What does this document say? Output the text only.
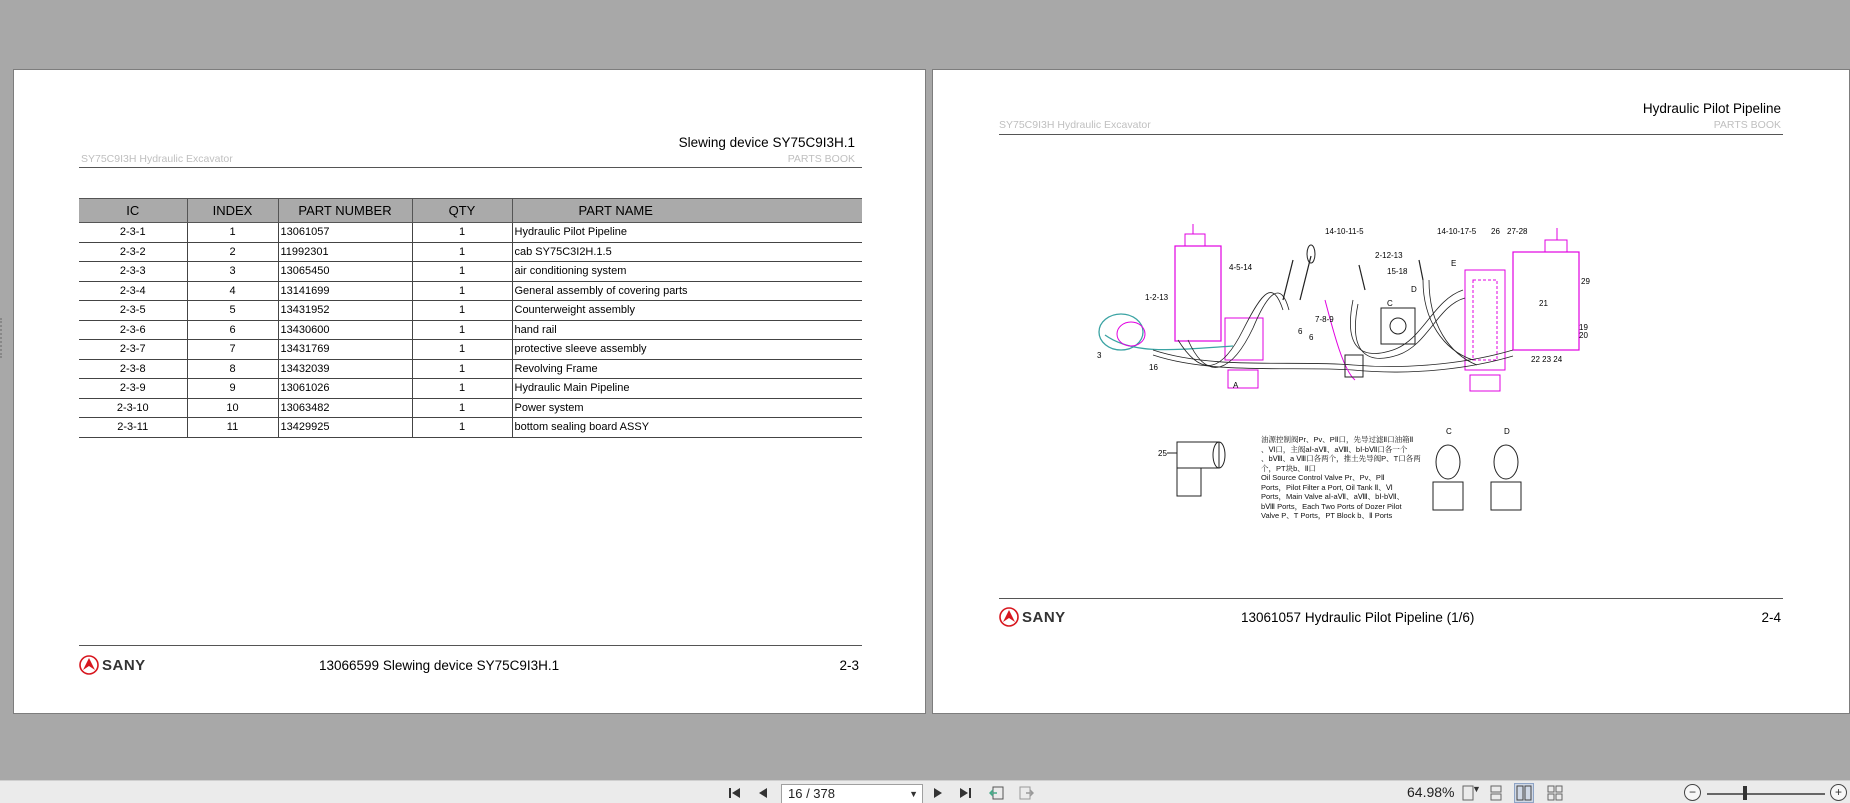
Slewing device SY75C9I3H.1
SY75C9I3H Hydraulic Excavator	PARTS BOOK
IC	INDEX	PART NUMBER	QTY	PART NAME
2-3-1	1	13061057	1	Hydraulic Pilot Pipeline
2-3-2	2	11992301	1	cab SY75C3I2H.1.5
2-3-3	3	13065450	1	air conditioning system
2-3-4	4	13141699	1	General assembly of covering parts
2-3-5	5	13431952	1	Counterweight assembly
2-3-6	6	13430600	1	hand rail
2-3-7	7	13431769	1	protective sleeve assembly
2-3-8	8	13432039	1	Revolving Frame
2-3-9	9	13061026	1	Hydraulic Main Pipeline
2-3-10	10	13063482	1	Power system
2-3-11	11	13429925	1	bottom sealing board ASSY
SANY	13066599 Slewing device SY75C9I3H.1	2-3
Hydraulic Pilot Pipeline
SY75C9I3H Hydraulic Excavator	PARTS BOOK
14-10-11-5	14-10-17-5 26 27-28
4-5-14
2-12-13
15-18
1-2-13
7-8-9
29
21
19
20
22 23 24
3
16
6
6
A
C
D
E
25
C	D
油源控制阀Pr、Pv、PⅡ口，先导过滤Ⅱ口油箱Ⅱ
、Ⅵ口，主阀aⅠ-aⅦ、aⅧ、bⅠ-bⅦ口各一个
、bⅧ、a Ⅷ口各两个，推土先导阀P、T口各两
个，PT块b、Ⅱ口
Oil Source Control Valve Pr、Pv、PⅡ
Ports，Pilot Filter a Port, Oil Tank Ⅱ、Ⅵ
Ports，Main Valve aⅠ-aⅦ、aⅧ、bⅠ-bⅦ、
bⅧ Ports，Each Two Ports of Dozer Pilot
Valve P、T Ports，PT Block b、Ⅱ Ports
SANY	13061057 Hydraulic Pilot Pipeline (1/6)	2-4
16 / 378	▼	64.98% ▼	−	+
